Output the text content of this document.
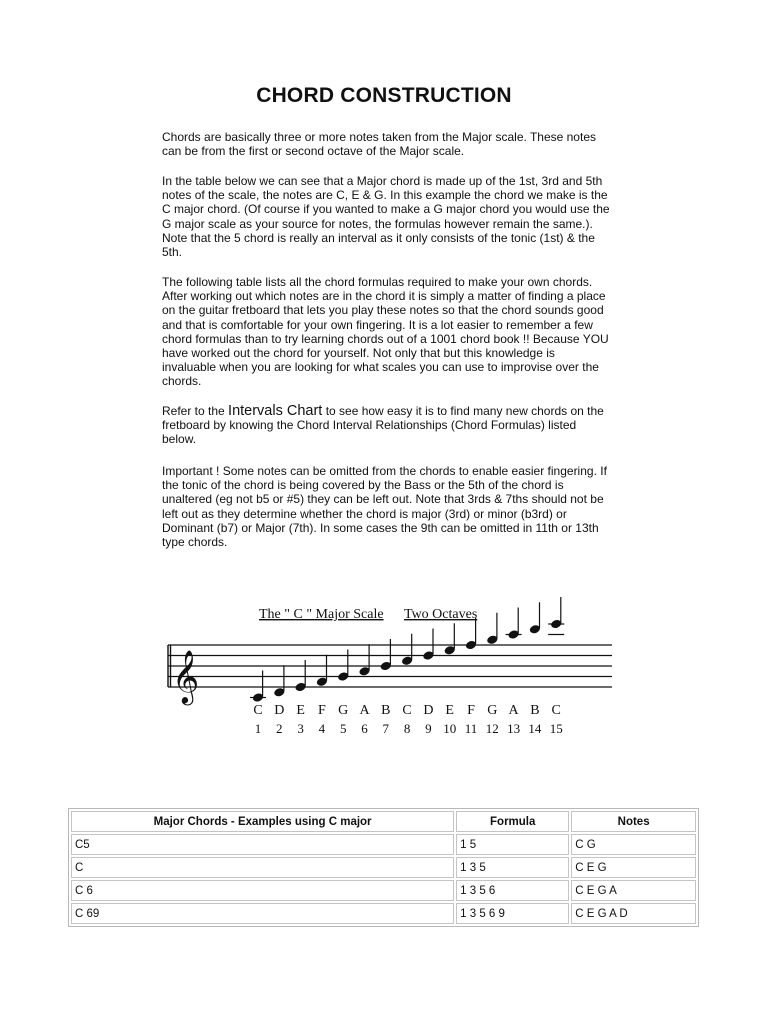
CHORD CONSTRUCTION

Chords are basically three or more notes taken from the Major scale. These notes can be from the first or second octave of the Major scale.

In the table below we can see that a Major chord is made up of the 1st, 3rd and 5th notes of the scale, the notes are C, E & G. In this example the chord we make is the C major chord. (Of course if you wanted to make a G major chord you would use the G major scale as your source for notes, the formulas however remain the same.). Note that the 5 chord is really an interval as it only consists of the tonic (1st) & the 5th.

The following table lists all the chord formulas required to make your own chords. After working out which notes are in the chord it is simply a matter of finding a place on the guitar fretboard that lets you play these notes so that the chord sounds good and that is comfortable for your own fingering. It is a lot easier to remember a few chord formulas than to try learning chords out of a 1001 chord book !! Because YOU have worked out the chord for yourself. Not only that but this knowledge is invaluable when you are looking for what scales you can use to improvise over the chords.

Refer to the Intervals Chart to see how easy it is to find many new chords on the fretboard by knowing the Chord Interval Relationships (Chord Formulas) listed below.

Important ! Some notes can be omitted from the chords to enable easier fingering. If the tonic of the chord is being covered by the Bass or the 5th of the chord is unaltered (eg not b5 or #5) they can be left out. Note that 3rds & 7ths should not be left out as they determine whether the chord is major (3rd) or minor (b3rd) or Dominant (b7) or Major (7th). In some cases the 9th can be omitted in 11th or 13th type chords.

The " C " Major Scale Two Octaves
𝄞
C D E F G A B C D E F G A B C
1 2 3 4 5 6 7 8 9 10 11 12 13 14 15
Major Chords - Examples using C major	Formula	Notes
C5	1 5	C G
C	1 3 5	C E G
C 6	1 3 5 6	C E G A
C 69	1 3 5 6 9	C E G A D
